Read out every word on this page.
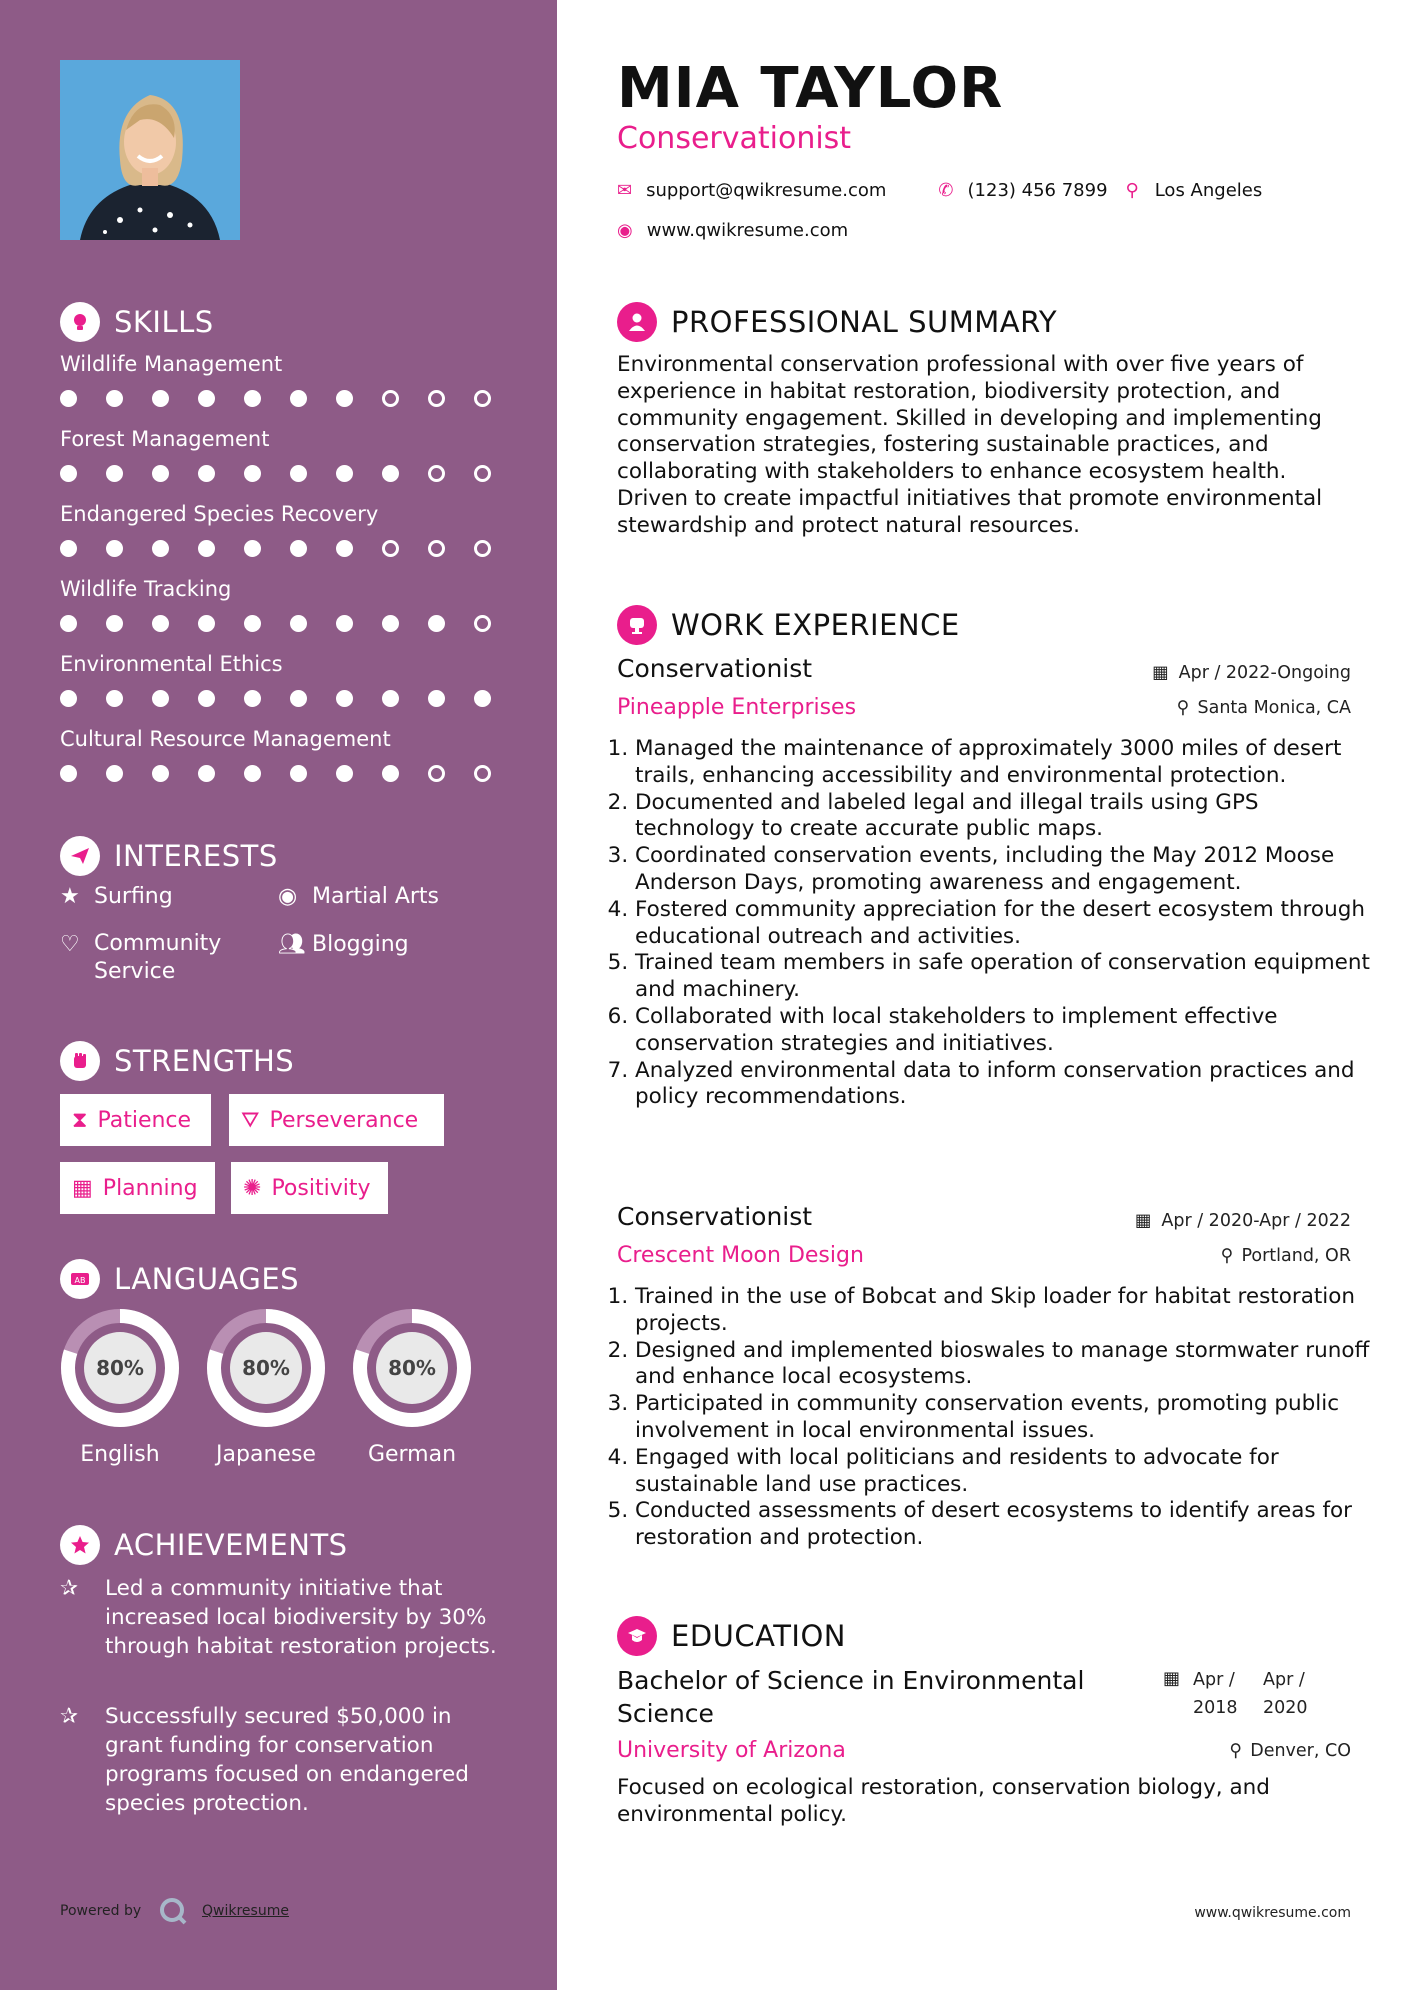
SKILLS
Wildlife Management
Forest Management
Endangered Species Recovery
Wildlife Tracking
Environmental Ethics
Cultural Resource Management
INTERESTS
★ Surfing	◉ Martial Arts
♡ Community Service
👥︎ Blogging
STRENGTHS
⧗ Patience ⛛ Perseverance
▦ Planning ✺ Positivity
AB LANGUAGES
80%
English
80%
Japanese
80%
German
ACHIEVEMENTS
✰	Led a community initiative that increased local biodiversity by 30% through habitat restoration projects.
✰	Successfully secured $50,000 in grant funding for conservation programs focused on endangered species protection.
Powered by	Qwikresume
MIA TAYLOR
Conservationist
✉ support@qwikresume.com	✆ (123) 456 7899 ⚲ Los Angeles
◉ www.qwikresume.com
PROFESSIONAL SUMMARY
Environmental conservation professional with over five years of experience in habitat restoration, biodiversity protection, and community engagement. Skilled in developing and implementing conservation strategies, fostering sustainable practices, and collaborating with stakeholders to enhance ecosystem health. Driven to create impactful initiatives that promote environmental stewardship and protect natural resources.
WORK EXPERIENCE
Conservationist
Pineapple Enterprises
▦ Apr / 2022-Ongoing
⚲ Santa Monica, CA
1. Managed the maintenance of approximately 3000 miles of desert trails, enhancing accessibility and environmental protection.
2. Documented and labeled legal and illegal trails using GPS technology to create accurate public maps.
3. Coordinated conservation events, including the May 2012 Moose Anderson Days, promoting awareness and engagement.
4. Fostered community appreciation for the desert ecosystem through educational outreach and activities.
5. Trained team members in safe operation of conservation equipment and machinery.
6. Collaborated with local stakeholders to implement effective conservation strategies and initiatives.
7. Analyzed environmental data to inform conservation practices and policy recommendations.
Conservationist
Crescent Moon Design
▦ Apr / 2020-Apr / 2022
⚲ Portland, OR
1. Trained in the use of Bobcat and Skip loader for habitat restoration projects.
2. Designed and implemented bioswales to manage stormwater runoff and enhance local ecosystems.
3. Participated in community conservation events, promoting public involvement in local environmental issues.
4. Engaged with local politicians and residents to advocate for sustainable land use practices.
5. Conducted assessments of desert ecosystems to identify areas for restoration and protection.
EDUCATION
Bachelor of Science in Environmental Science
▦ Apr /
2018
Apr /
2020
University of Arizona	⚲ Denver, CO
Focused on ecological restoration, conservation biology, and environmental policy.
www.qwikresume.com
